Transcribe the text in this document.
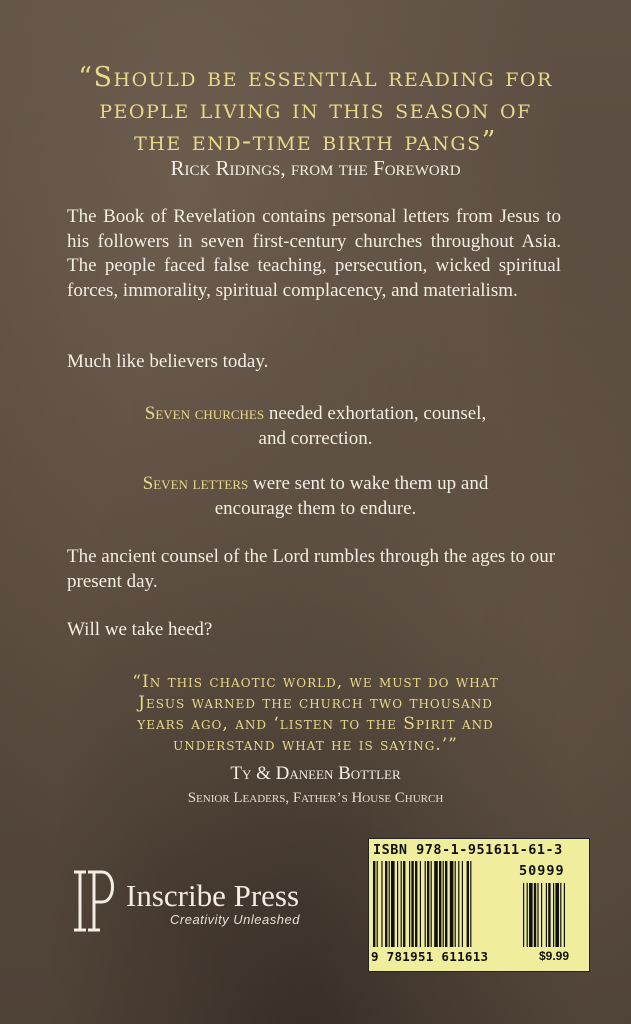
“Should be essential reading for
people living in this season of
the end-time birth pangs”
Rick Ridings, from the Foreword
The Book of Revelation contains personal letters from Jesus to his followers in seven first-century churches throughout Asia. The people faced false teaching, persecution, wicked spiritual forces, immorality, spiritual complacency, and materialism.
Much like believers today.
Seven churches needed exhortation, counsel,
and correction.
Seven letters were sent to wake them up and
encourage them to endure.
The ancient counsel of the Lord rumbles through the ages to our present day.
Will we take heed?
“In this chaotic world, we must do what
Jesus warned the church two thousand
years ago, and ‘listen to the Spirit and
understand what he is saying.’”
Ty & Daneen Bottler
Senior Leaders, Father’s House Church
Inscribe Press
Creativity Unleashed
ISBN 978-1-951611-61-3
50999
9 781951 611613	$9.99
